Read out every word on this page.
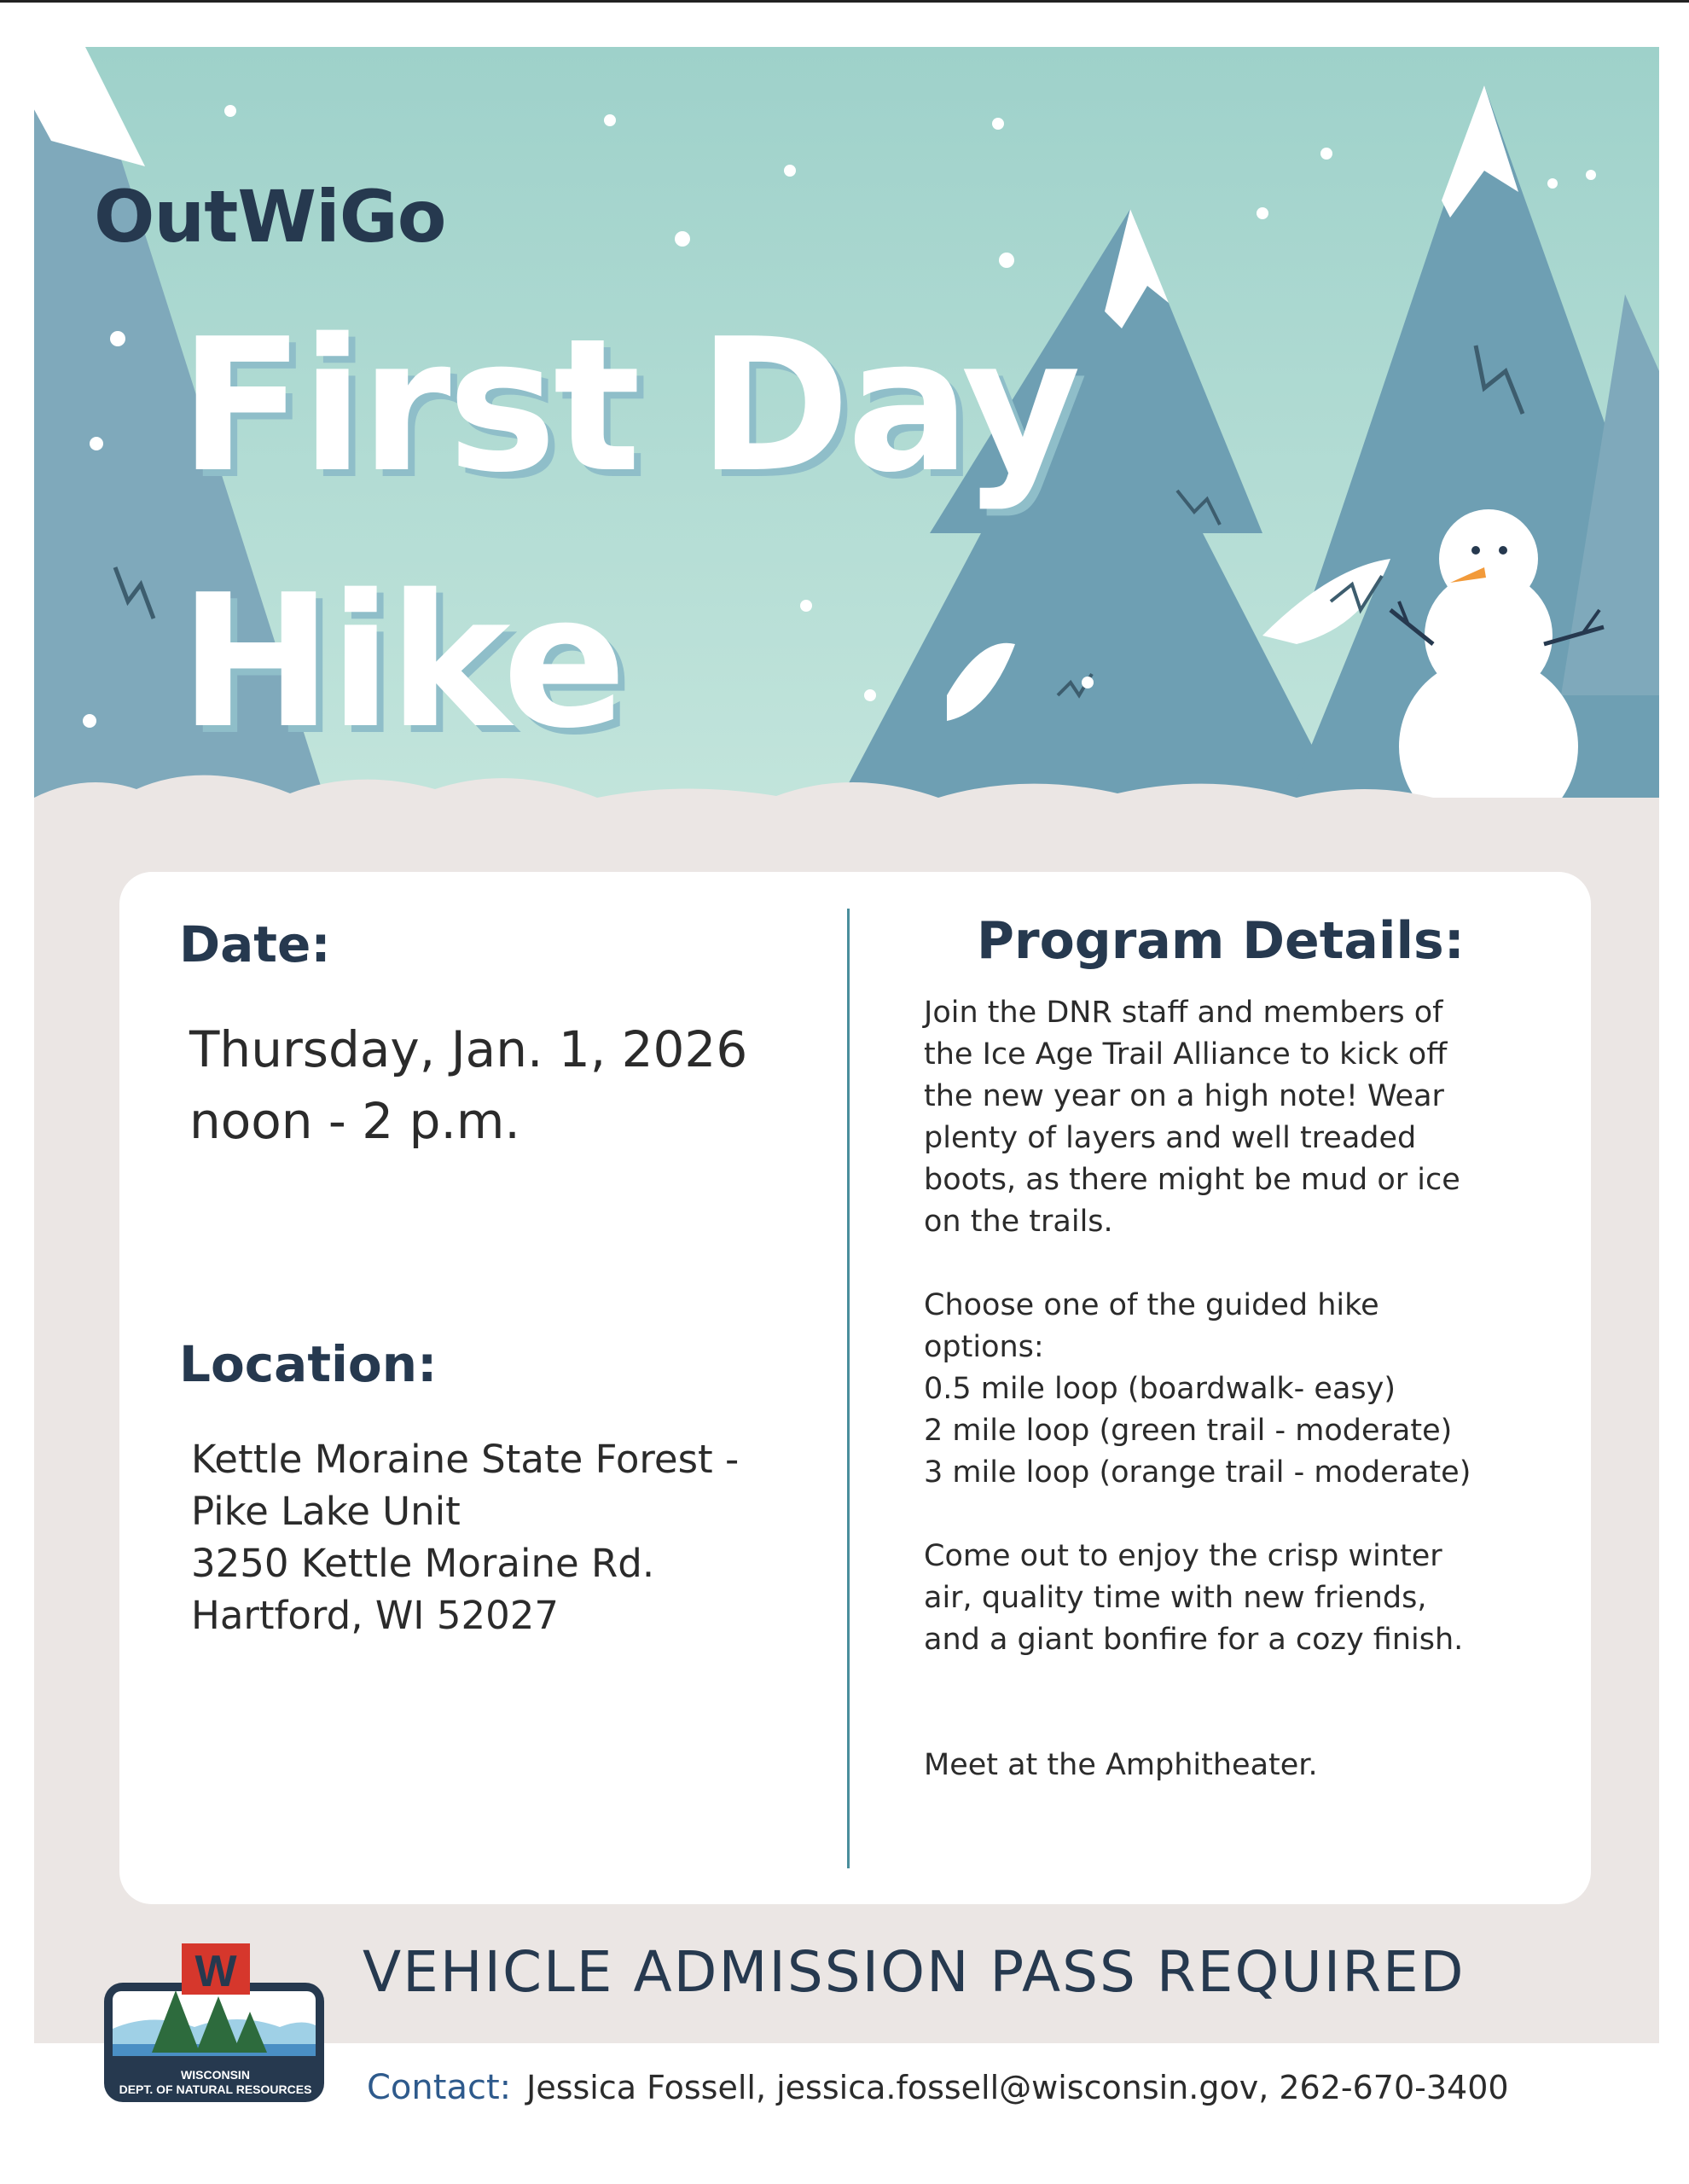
OutWiGo
First Day
Hike
Date:
Thursday, Jan. 1, 2026
noon - 2 p.m.
Location:
Kettle Moraine State Forest -
Pike Lake Unit
3250 Kettle Moraine Rd.
Hartford, WI 52027
Program Details:

Join the DNR staff and members of
the Ice Age Trail Alliance to kick off
the new year on a high note! Wear
plenty of layers and well treaded
boots, as there might be mud or ice
on the trails.

Choose one of the guided hike
options:
0.5 mile loop (boardwalk- easy)
2 mile loop (green trail - moderate)
3 mile loop (orange trail - moderate)

Come out to enjoy the crisp winter
air, quality time with new friends,
and a giant bonfire for a cozy finish.

Meet at the Amphitheater.

W
WISCONSIN
DEPT. OF NATURAL RESOURCES
VEHICLE ADMISSION PASS REQUIRED
Contact: Jessica Fossell, jessica.fossell@wisconsin.gov, 262-670-3400
